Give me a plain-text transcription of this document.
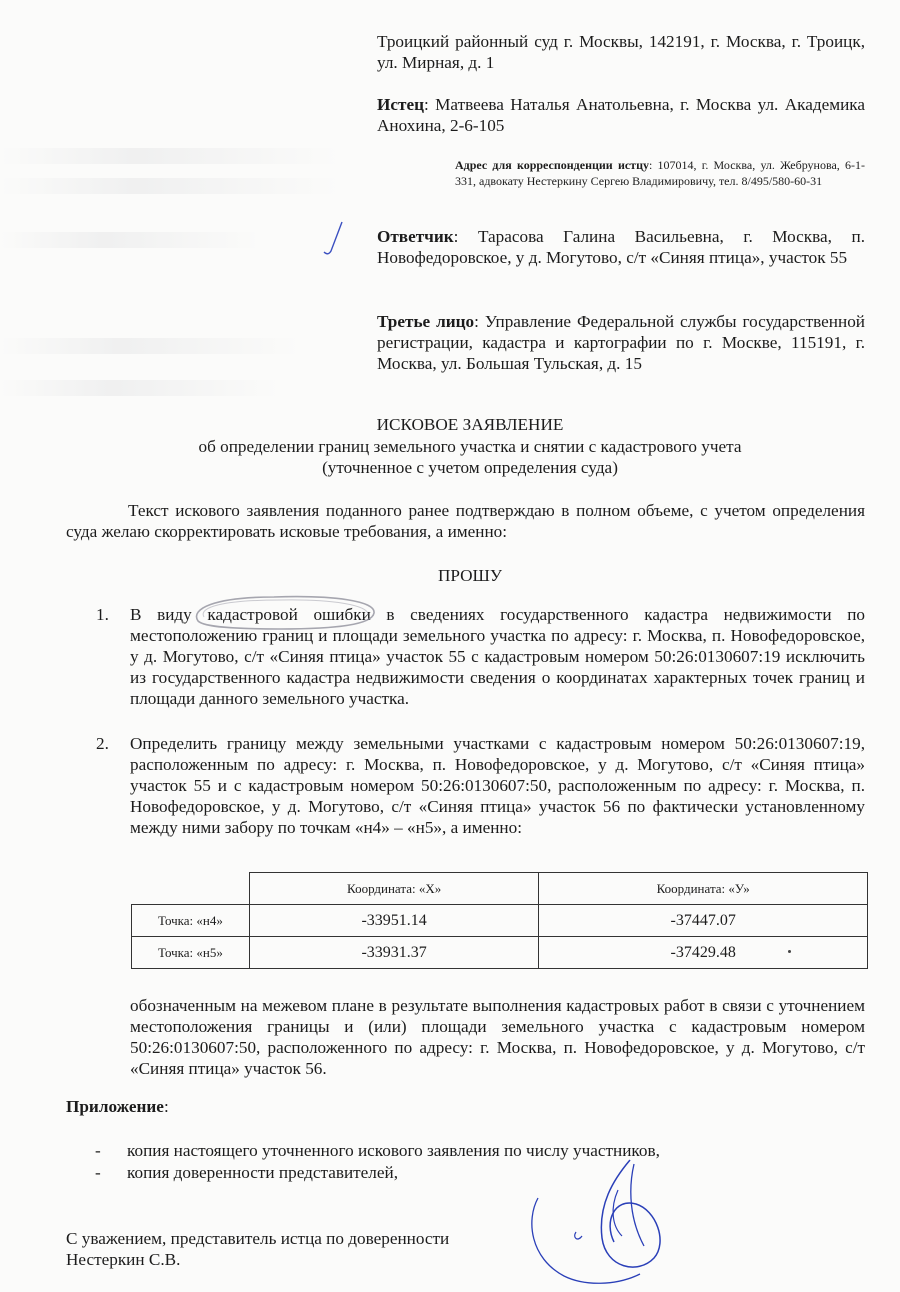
Троицкий районный суд г. Москвы, 142191, г. Москва, г. Троицк, ул. Мирная, д. 1
Истец: Матвеева Наталья Анатольевна, г. Москва ул. Академика Анохина, 2-6-105
Адрес для корреспонденции истцу: 107014, г. Москва, ул. Жебрунова, 6-1-331, адвокату Нестеркину Сергею Владимировичу, тел. 8/495/580-60-31
Ответчик: Тарасова Галина Васильевна, г. Москва, п. Новофедоровское, у д. Могутово, с/т «Синяя птица», участок 55
Третье лицо: Управление Федеральной службы государственной регистрации, кадастра и картографии по г. Москве, 115191, г. Москва, ул. Большая Тульская, д. 15
ИСКОВОЕ ЗАЯВЛЕНИЕ
об определении границ земельного участка и снятии с кадастрового учета
(уточненное с учетом определения суда)
Текст искового заявления поданного ранее подтверждаю в полном объеме, с учетом определения суда желаю скорректировать исковые требования, а именно:
ПРОШУ
1. В виду кадастровой ошибки в сведениях государственного кадастра недвижимости по местоположению границ и площади земельного участка по адресу: г. Москва, п. Новофедоровское, у д. Могутово, с/т «Синяя птица» участок 55 с кадастровым номером 50:26:0130607:19 исключить из государственного кадастра недвижимости сведения о координатах характерных точек границ и площади данного земельного участка.
2. Определить границу между земельными участками с кадастровым номером 50:26:0130607:19, расположенным по адресу: г. Москва, п. Новофедоровское, у д. Могутово, с/т «Синяя птица» участок 55 и с кадастровым номером 50:26:0130607:50, расположенным по адресу: г. Москва, п. Новофедоровское, у д. Могутово, с/т «Синяя птица» участок 56 по фактически установленному между ними забору по точкам «н4» – «н5», а именно:
	Координата: «X»	Координата: «У»
Точка: «н4»	-33951.14	-37447.07
Точка: «н5»	-33931.37	-37429.48
обозначенным на межевом плане в результате выполнения кадастровых работ в связи с уточнением местоположения границы и (или) площади земельного участка с кадастровым номером 50:26:0130607:50, расположенного по адресу: г. Москва, п. Новофедоровское, у д. Могутово, с/т «Синяя птица» участок 56.
Приложение:
- копия настоящего уточненного искового заявления по числу участников,
- копия доверенности представителей,
С уважением, представитель истца по доверенности
Нестеркин С.В.
